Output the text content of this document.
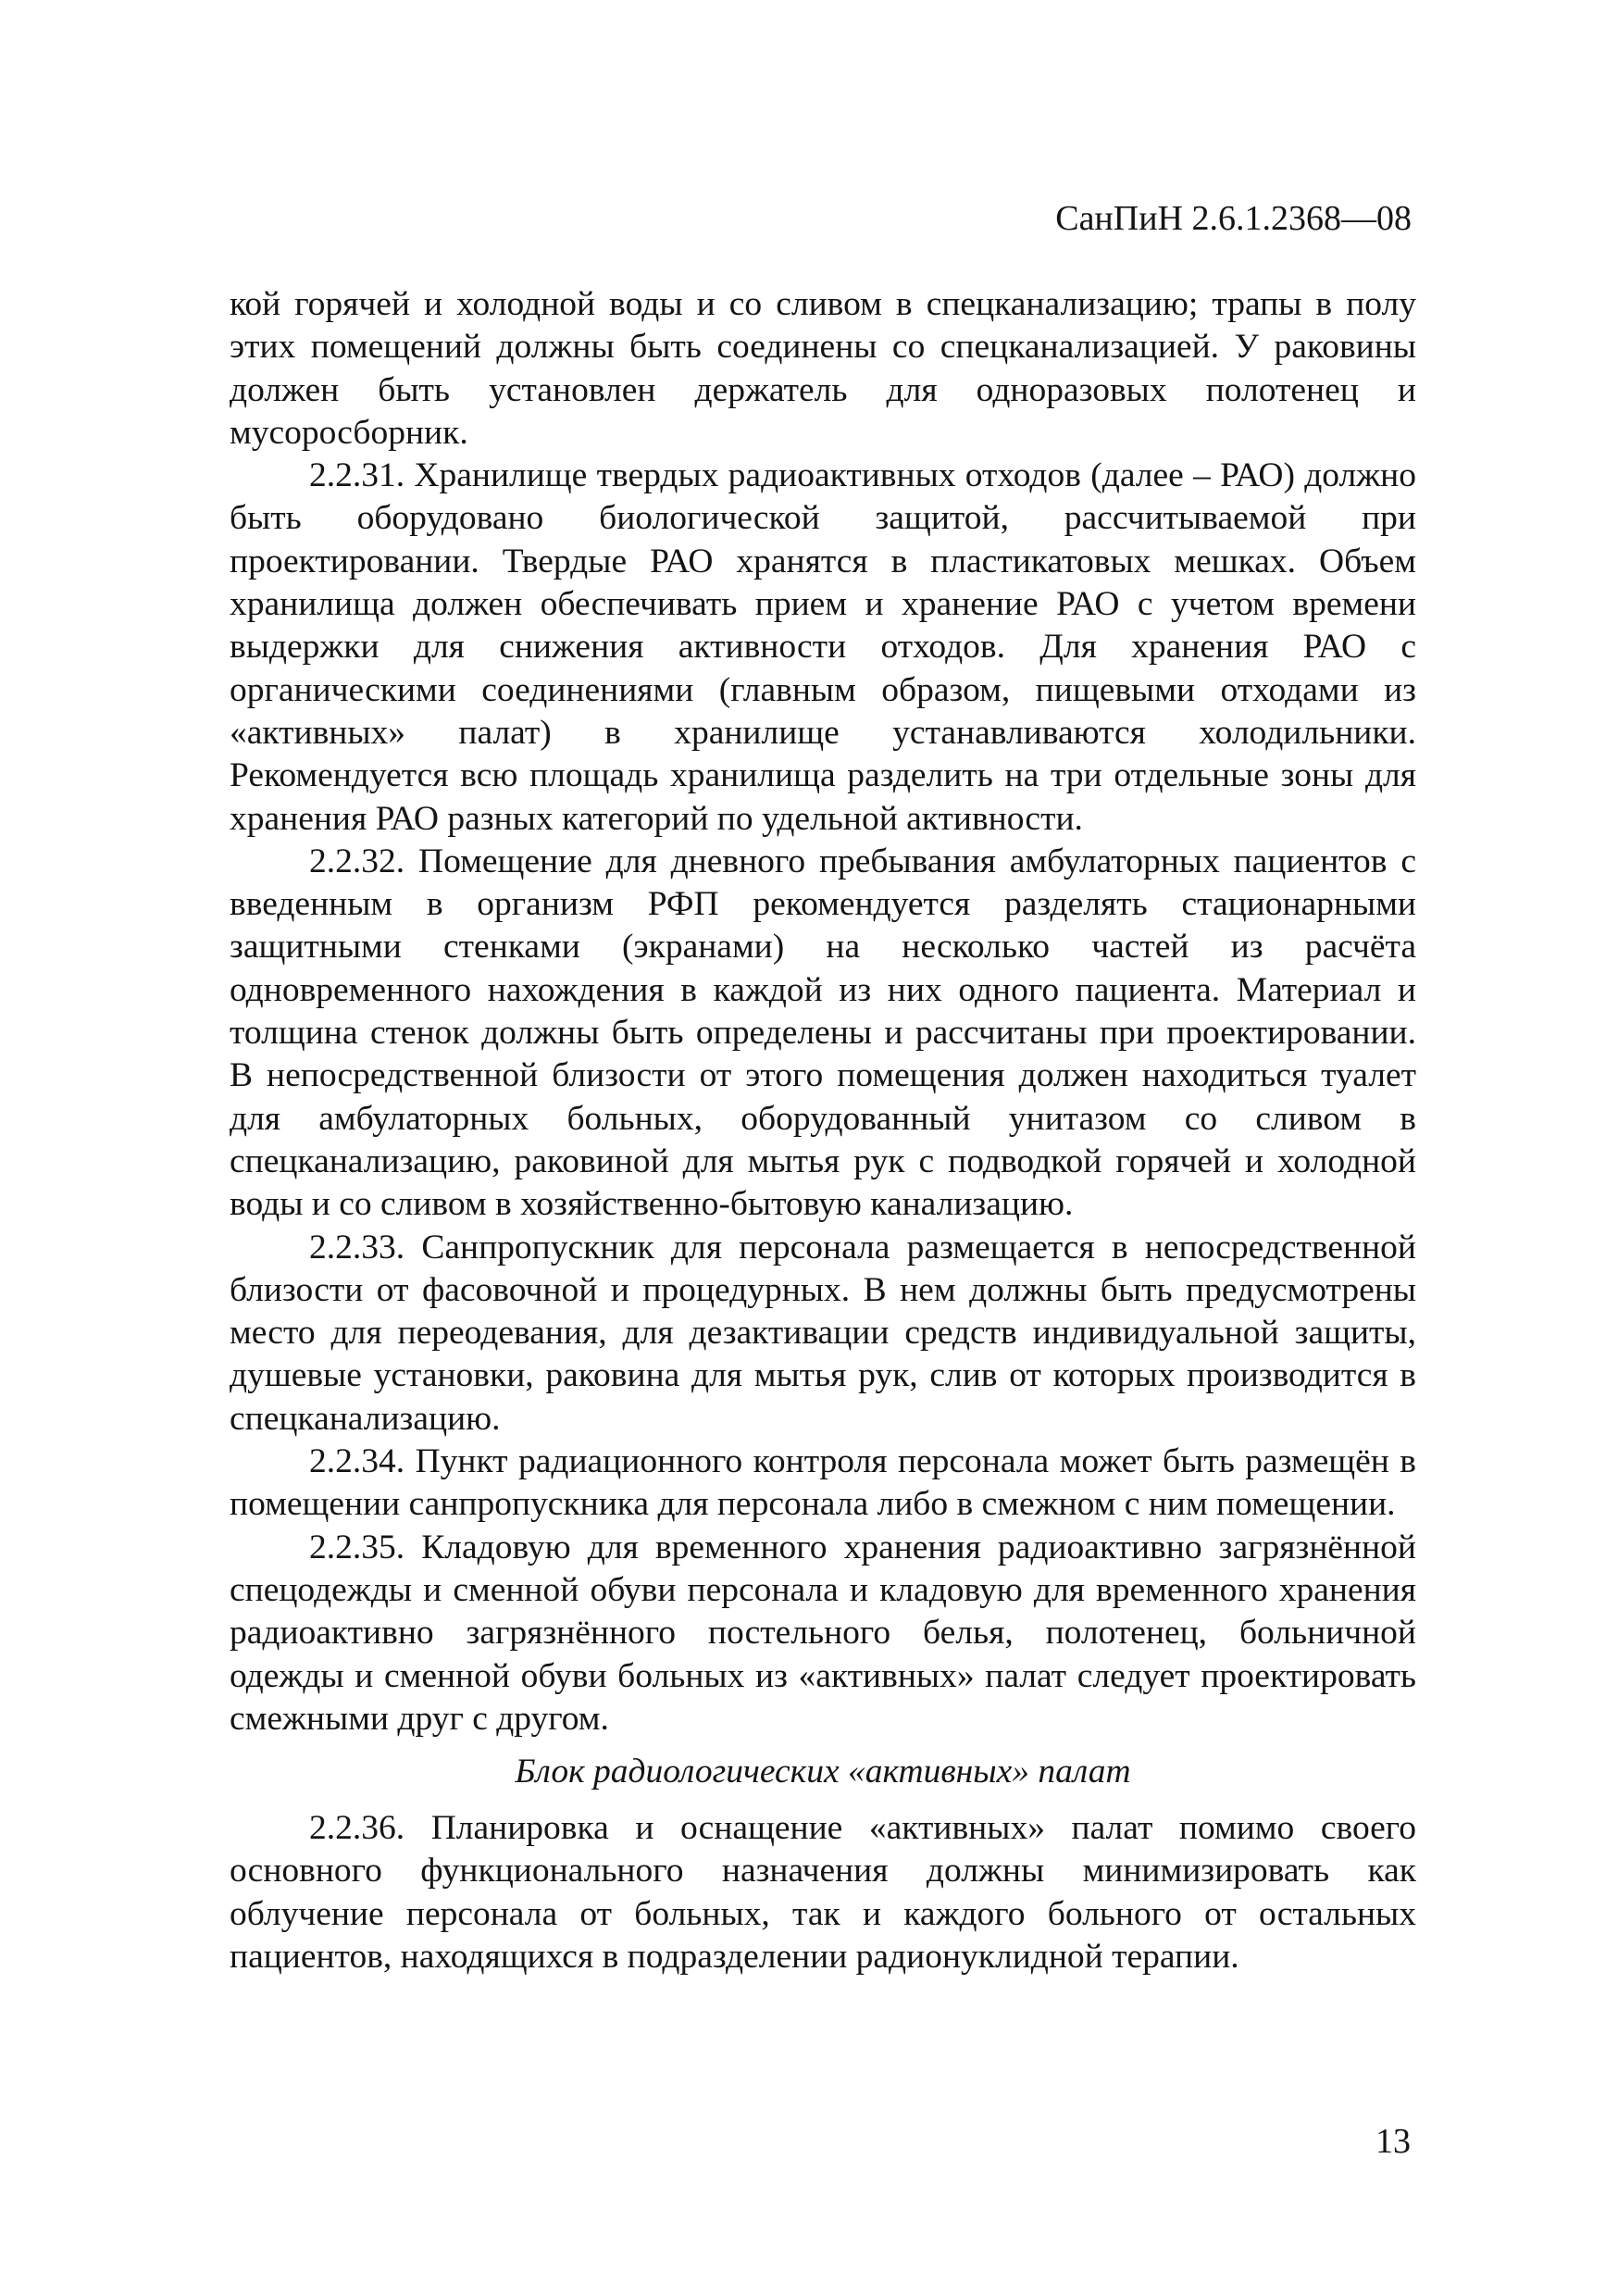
СанПиН 2.6.1.2368—08

кой горячей и холодной воды и со сливом в спецканализацию; трапы в полу этих помещений должны быть соединены со спецканализацией. У раковины должен быть установлен держатель для одноразовых полотенец и мусоросборник.

2.2.31. Хранилище твердых радиоактивных отходов (далее – РАО) должно быть оборудовано биологической защитой, рассчитываемой при проектировании. Твердые РАО хранятся в пластикатовых мешках. Объем хранилища должен обеспечивать прием и хранение РАО с учетом времени выдержки для снижения активности отходов. Для хранения РАО с органическими соединениями (главным образом, пищевыми отходами из «активных» палат) в хранилище устанавливаются холодильники. Рекомендуется всю площадь хранилища разделить на три отдельные зоны для хранения РАО разных категорий по удельной активности.

2.2.32. Помещение для дневного пребывания амбулаторных пациентов с введенным в организм РФП рекомендуется разделять стационарными защитными стенками (экранами) на несколько частей из расчёта одновременного нахождения в каждой из них одного пациента. Материал и толщина стенок должны быть определены и рассчитаны при проектировании. В непосредственной близости от этого помещения должен находиться туалет для амбулаторных больных, оборудованный унитазом со сливом в спецканализацию, раковиной для мытья рук с подводкой горячей и холодной воды и со сливом в хозяйственно-бытовую канализацию.

2.2.33. Санпропускник для персонала размещается в непосредственной близости от фасовочной и процедурных. В нем должны быть предусмотрены место для переодевания, для дезактивации средств индивидуальной защиты, душевые установки, раковина для мытья рук, слив от которых производится в спецканализацию.

2.2.34. Пункт радиационного контроля персонала может быть размещён в помещении санпропускника для персонала либо в смежном с ним помещении.

2.2.35. Кладовую для временного хранения радиоактивно загрязнённой спецодежды и сменной обуви персонала и кладовую для временного хранения радиоактивно загрязнённого постельного белья, полотенец, больничной одежды и сменной обуви больных из «активных» палат следует проектировать смежными друг с другом.

Блок радиологических «активных» палат

2.2.36. Планировка и оснащение «активных» палат помимо своего основного функционального назначения должны минимизировать как облучение персонала от больных, так и каждого больного от остальных пациентов, находящихся в подразделении радионуклидной терапии.

13
